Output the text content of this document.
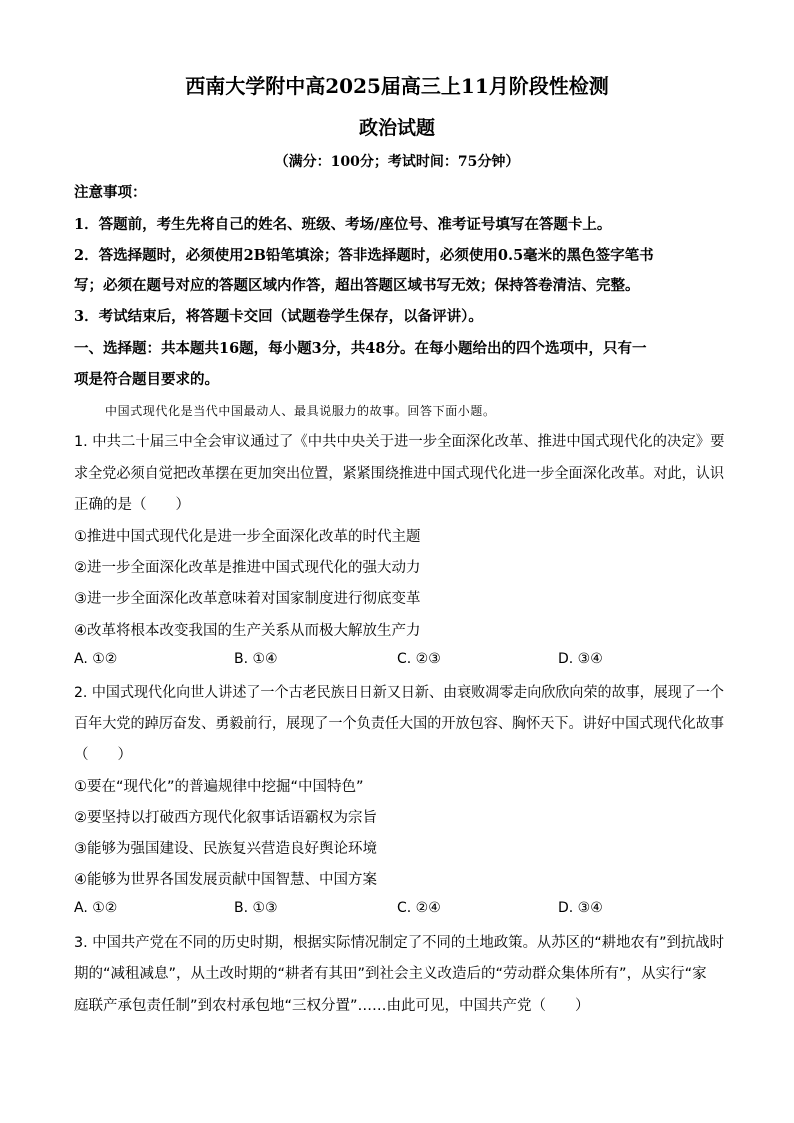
西南大学附中高2025届高三上11月阶段性检测
政治试题
（满分：100分；考试时间：75分钟）
注意事项：
1．答题前，考生先将自己的姓名、班级、考场/座位号、准考证号填写在答题卡上。
2．答选择题时，必须使用2B铅笔填涂；答非选择题时，必须使用0.5毫米的黑色签字笔书
写；必须在题号对应的答题区域内作答，超出答题区域书写无效；保持答卷清洁、完整。
3．考试结束后，将答题卡交回（试题卷学生保存，以备评讲）。
一、选择题：共本题共16题，每小题3分，共48分。在每小题给出的四个选项中，只有一
项是符合题目要求的。
中国式现代化是当代中国最动人、最具说服力的故事。回答下面小题。
1. 中共二十届三中全会审议通过了《中共中央关于进一步全面深化改革、推进中国式现代化的决定》要
求全党必须自觉把改革摆在更加突出位置，紧紧围绕推进中国式现代化进一步全面深化改革。对此，认识
正确的是（　　）
①推进中国式现代化是进一步全面深化改革的时代主题
②进一步全面深化改革是推进中国式现代化的强大动力
③进一步全面深化改革意味着对国家制度进行彻底变革
④改革将根本改变我国的生产关系从而极大解放生产力
A. ①②	B. ①④	C. ②③	D. ③④
2. 中国式现代化向世人讲述了一个古老民族日日新又日新、由衰败凋零走向欣欣向荣的故事，展现了一个
百年大党的踔厉奋发、勇毅前行，展现了一个负责任大国的开放包容、胸怀天下。讲好中国式现代化故事
（　　）
①要在“现代化”的普遍规律中挖掘“中国特色”
②要坚持以打破西方现代化叙事话语霸权为宗旨
③能够为强国建设、民族复兴营造良好舆论环境
④能够为世界各国发展贡献中国智慧、中国方案
A. ①②	B. ①③	C. ②④	D. ③④
3. 中国共产党在不同的历史时期，根据实际情况制定了不同的土地政策。从苏区的“耕地农有”到抗战时
期的“减租减息”，从土改时期的“耕者有其田”到社会主义改造后的“劳动群众集体所有”，从实行“家
庭联产承包责任制”到农村承包地“三权分置”……由此可见，中国共产党（　　）
